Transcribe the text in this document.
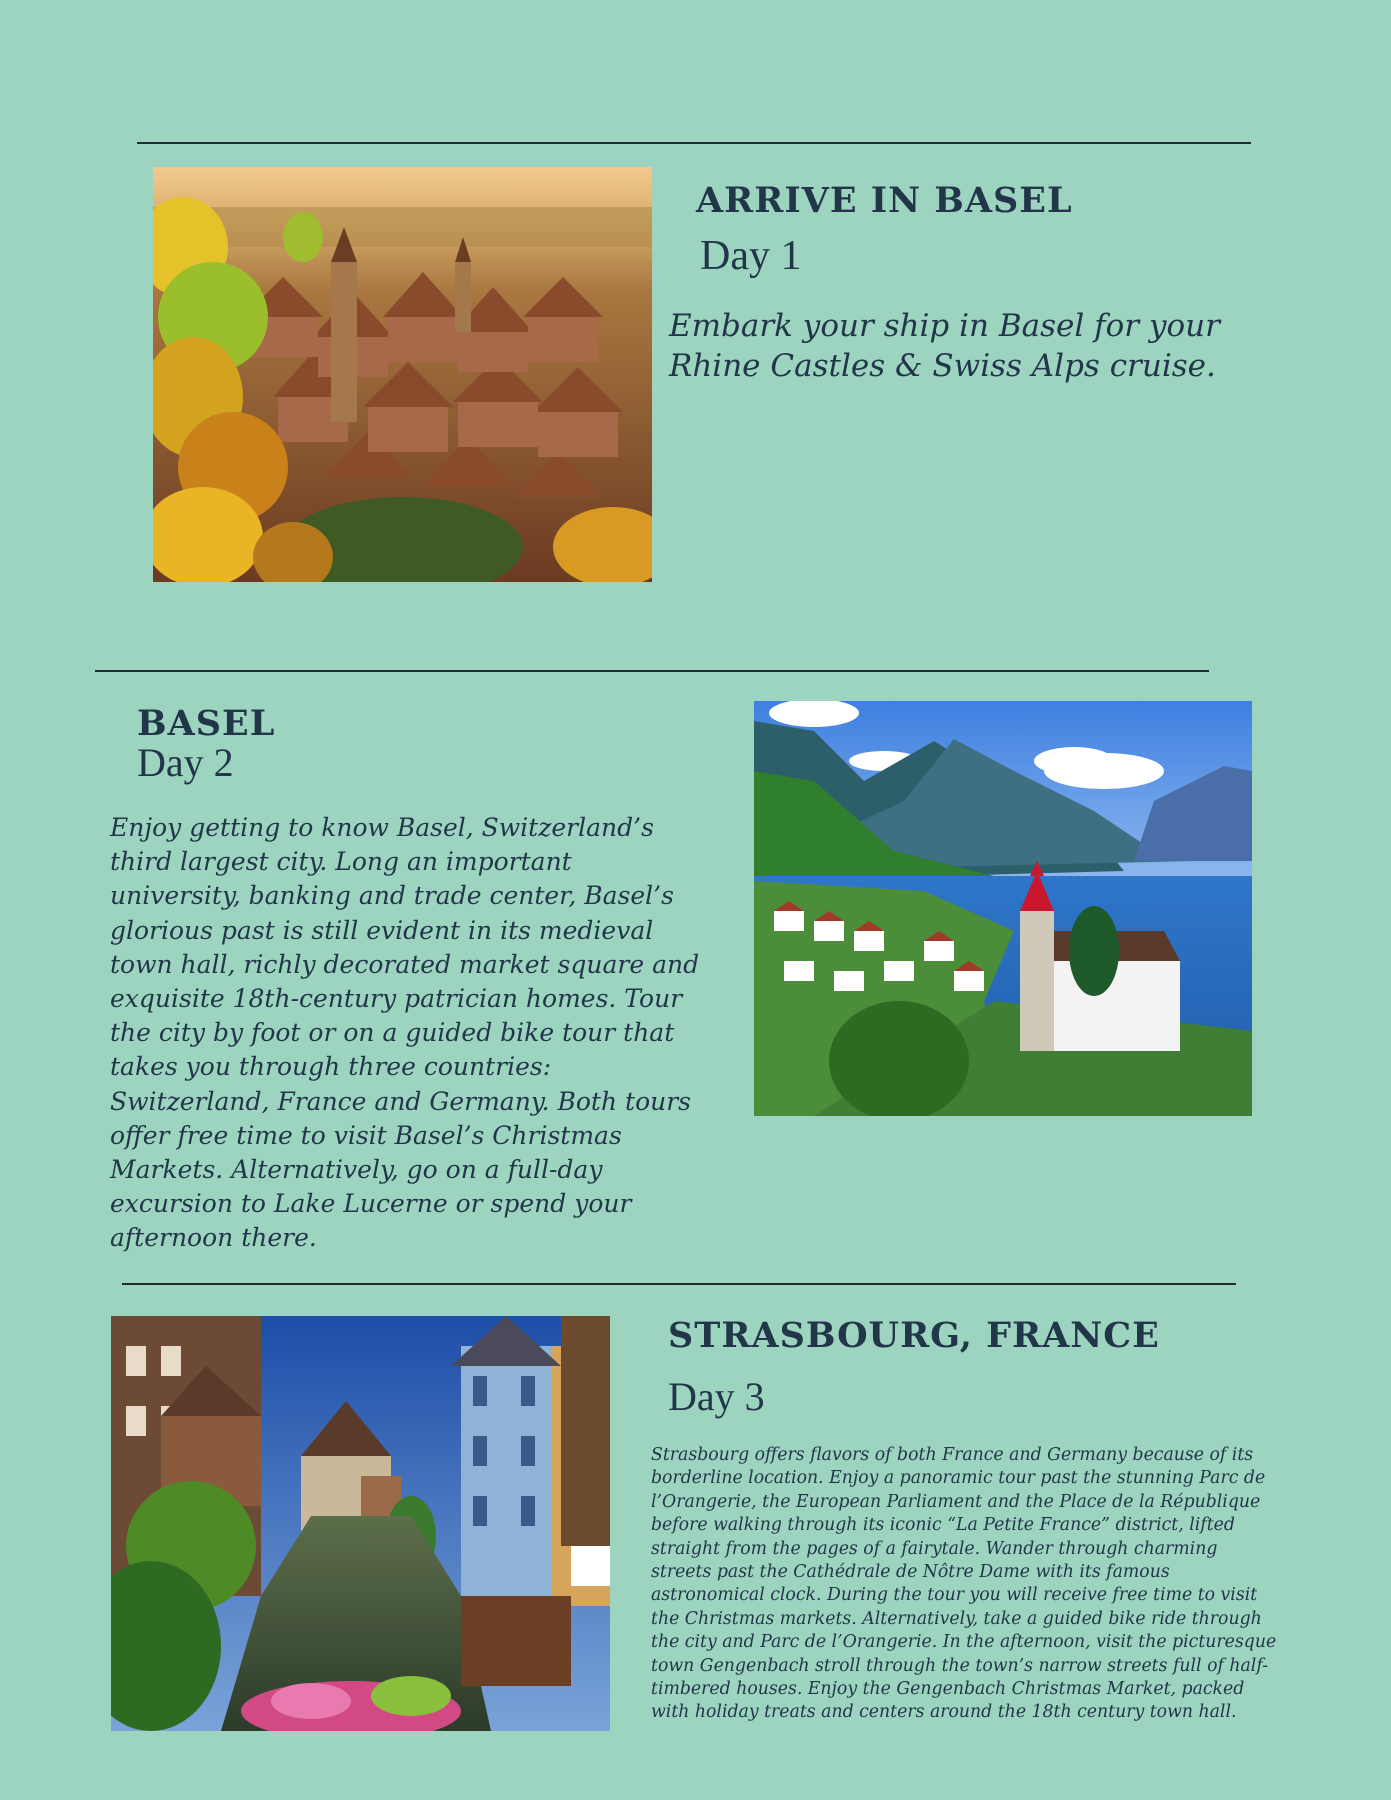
ARRIVE IN BASEL
Day 1

Embark your ship in Basel for your Rhine Castles & Swiss Alps cruise.

BASEL
Day 2

Enjoy getting to know Basel, Switzerland’s third largest city. Long an important university, banking and trade center, Basel’s glorious past is still evident in its medieval town hall, richly decorated market square and exquisite 18th-century patrician homes. Tour the city by foot or on a guided bike tour that takes you through three countries: Switzerland, France and Germany. Both tours offer free time to visit Basel’s Christmas Markets. Alternatively, go on a full-day excursion to Lake Lucerne or spend your afternoon there.

STRASBOURG, FRANCE
Day 3

Strasbourg offers flavors of both France and Germany because of its borderline location. Enjoy a panoramic tour past the stunning Parc de l’Orangerie, the European Parliament and the Place de la République before walking through its iconic “La Petite France” district, lifted straight from the pages of a fairytale. Wander through charming streets past the Cathédrale de Nôtre Dame with its famous astronomical clock. During the tour you will receive free time to visit the Christmas markets. Alternatively, take a guided bike ride through the city and Parc de l’Orangerie. In the afternoon, visit the picturesque town Gengenbach stroll through the town’s narrow streets full of half-timbered houses. Enjoy the Gengenbach Christmas Market, packed with holiday treats and centers around the 18th century town hall.
